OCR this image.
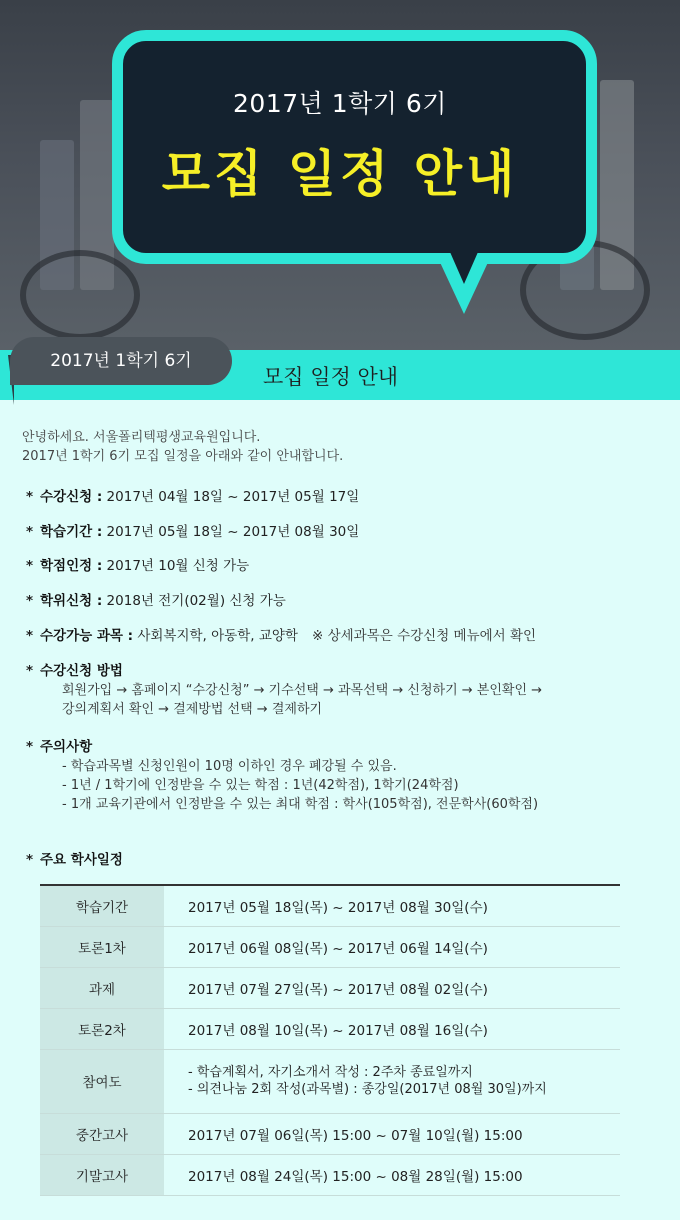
2017년 1학기 6기
모집 일정 안내
2017년 1학기 6기
모집 일정 안내
안녕하세요. 서울폴리텍평생교육원입니다.
2017년 1학기 6기 모집 일정을 아래와 같이 안내합니다.
* 수강신청 : 2017년 04월 18일 ~ 2017년 05월 17일
* 학습기간 : 2017년 05월 18일 ~ 2017년 08월 30일
* 학점인정 : 2017년 10월 신청 가능
* 학위신청 : 2018년 전기(02월) 신청 가능
* 수강가능 과목 : 사회복지학, 아동학, 교양학 ※ 상세과목은 수강신청 메뉴에서 확인
* 수강신청 방법
회원가입 → 홈페이지 “수강신청” → 기수선택 → 과목선택 → 신청하기 → 본인확인 →
강의계획서 확인 → 결제방법 선택 → 결제하기
* 주의사항
- 학습과목별 신청인원이 10명 이하인 경우 폐강될 수 있음.
- 1년 / 1학기에 인정받을 수 있는 학점 : 1년(42학점), 1학기(24학점)
- 1개 교육기관에서 인정받을 수 있는 최대 학점 : 학사(105학점), 전문학사(60학점)
* 주요 학사일정
학습기간	2017년 05월 18일(목) ~ 2017년 08월 30일(수)
토론1차	2017년 06월 08일(목) ~ 2017년 06월 14일(수)
과제	2017년 07월 27일(목) ~ 2017년 08월 02일(수)
토론2차	2017년 08월 10일(목) ~ 2017년 08월 16일(수)
참여도	- 학습계획서, 자기소개서 작성 : 2주차 종료일까지
- 의견나눔 2회 작성(과목별) : 종강일(2017년 08월 30일)까지

중간고사	2017년 07월 06일(목) 15:00 ~ 07월 10일(월) 15:00
기말고사	2017년 08월 24일(목) 15:00 ~ 08월 28일(월) 15:00
